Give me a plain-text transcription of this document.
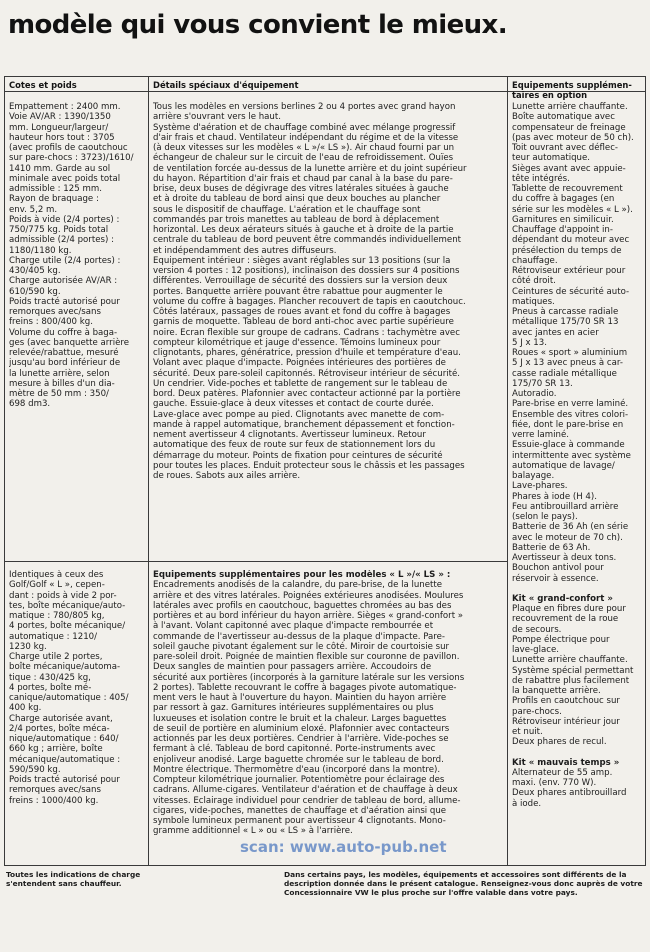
modèle qui vous convient le mieux.
Cotes et poids	Détails spéciaux d'équipement	Equipements supplémen-
taires en option
Empattement : 2400 mm.
Voie AV/AR : 1390/1350
mm. Longueur/largeur/
hauteur hors tout : 3705
(avec profils de caoutchouc
sur pare-chocs : 3723)/1610/
1410 mm. Garde au sol
minimale avec poids total
admissible : 125 mm.
Rayon de braquage :
env. 5,2 m.
Poids à vide (2/4 portes) :
750/775 kg. Poids total
admissible (2/4 portes) :
1180/1180 kg.
Charge utile (2/4 portes) :
430/405 kg.
Charge autorisée AV/AR :
610/590 kg.
Poids tracté autorisé pour
remorques avec/sans
freins : 800/400 kg.
Volume du coffre à baga-
ges (avec banquette arrière
relevée/rabattue, mesuré
jusqu'au bord inférieur de
la lunette arrière, selon
mesure à billes d'un dia-
mètre de 50 mm : 350/
698 dm3.
Identiques à ceux des
Golf/Golf « L », cepen-
dant : poids à vide 2 por-
tes, boîte mécanique/auto-
matique : 780/805 kg,
4 portes, boîte mécanique/
automatique : 1210/
1230 kg.
Charge utile 2 portes,
boîte mécanique/automa-
tique : 430/425 kg,
4 portes, boîte mé-
canique/automatique : 405/
400 kg.
Charge autorisée avant,
2/4 portes, boîte méca-
nique/automatique : 640/
660 kg ; arrière, boîte
mécanique/automatique :
590/590 kg.
Poids tracté autorisé pour
remorques avec/sans
freins : 1000/400 kg.
Tous les modèles en versions berlines 2 ou 4 portes avec grand hayon
arrière s'ouvrant vers le haut.
Système d'aération et de chauffage combiné avec mélange progressif
d'air frais et chaud. Ventilateur indépendant du régime et de la vitesse
(à deux vitesses sur les modèles « L »/« LS »). Air chaud fourni par un
échangeur de chaleur sur le circuit de l'eau de refroidissement. Ouïes
de ventilation forcée au-dessus de la lunette arrière et du joint supérieur
du hayon. Répartition d'air frais et chaud par canal à la base du pare-
brise, deux buses de dégivrage des vitres latérales situées à gauche
et à droite du tableau de bord ainsi que deux bouches au plancher
sous le dispositif de chauffage. L'aération et le chauffage sont
commandés par trois manettes au tableau de bord à déplacement
horizontal. Les deux aérateurs situés à gauche et à droite de la partie
centrale du tableau de bord peuvent être commandés individuellement
et indépendamment des autres diffuseurs.
Equipement intérieur : sièges avant réglables sur 13 positions (sur la
version 4 portes : 12 positions), inclinaison des dossiers sur 4 positions
différentes. Verrouillage de sécurité des dossiers sur la version deux
portes. Banquette arrière pouvant être rabattue pour augmenter le
volume du coffre à bagages. Plancher recouvert de tapis en caoutchouc.
Côtés latéraux, passages de roues avant et fond du coffre à bagages
garnis de moquette. Tableau de bord anti-choc avec partie supérieure
noire. Ecran flexible sur groupe de cadrans. Cadrans : tachymètre avec
compteur kilométrique et jauge d'essence. Témoins lumineux pour
clignotants, phares, génératrice, pression d'huile et température d'eau.
Volant avec plaque d'impacte. Poignées intérieures des portières de
sécurité. Deux pare-soleil capitonnés. Rétroviseur intérieur de sécurité.
Un cendrier. Vide-poches et tablette de rangement sur le tableau de
bord. Deux patères. Plafonnier avec contacteur actionné par la portière
gauche. Essuie-glace à deux vitesses et contact de courte durée.
Lave-glace avec pompe au pied. Clignotants avec manette de com-
mande à rappel automatique, branchement dépassement et fonction-
nement avertisseur 4 clignotants. Avertisseur lumineux. Retour
automatique des feux de route sur feux de stationnement lors du
démarrage du moteur. Points de fixation pour ceintures de sécurité
pour toutes les places. Enduit protecteur sous le châssis et les passages
de roues. Sabots aux ailes arrière.
Equipements supplémentaires pour les modèles « L »/« LS » :
Encadrements anodisés de la calandre, du pare-brise, de la lunette
arrière et des vitres latérales. Poignées extérieures anodisées. Moulures
latérales avec profils en caoutchouc, baguettes chromées au bas des
portières et au bord inférieur du hayon arrière. Sièges « grand-confort »
à l'avant. Volant capitonné avec plaque d'impacte rembourrée et
commande de l'avertisseur au-dessus de la plaque d'impacte. Pare-
soleil gauche pivotant également sur le côté. Miroir de courtoisie sur
pare-soleil droit. Poignée de maintien flexible sur couronne de pavillon.
Deux sangles de maintien pour passagers arrière. Accoudoirs de
sécurité aux portières (incorporés à la garniture latérale sur les versions
2 portes). Tablette recouvrant le coffre à bagages pivote automatique-
ment vers le haut à l'ouverture du hayon. Maintien du hayon arrière
par ressort à gaz. Garnitures intérieures supplémentaires ou plus
luxueuses et isolation contre le bruit et la chaleur. Larges baguettes
de seuil de portière en aluminium eloxé. Plafonnier avec contacteurs
actionnés par les deux portières. Cendrier à l'arrière. Vide-poches se
fermant à clé. Tableau de bord capitonné. Porte-instruments avec
enjoliveur anodisé. Large baguette chromée sur le tableau de bord.
Montre électrique. Thermomètre d'eau (incorporé dans la montre).
Compteur kilométrique journalier. Potentiomètre pour éclairage des
cadrans. Allume-cigares. Ventilateur d'aération et de chauffage à deux
vitesses. Eclairage individuel pour cendrier de tableau de bord, allume-
cigares, vide-poches, manettes de chauffage et d'aération ainsi que
symbole lumineux permanent pour avertisseur 4 clignotants. Mono-
gramme additionnel « L » ou « LS » à l'arrière.
Lunette arrière chauffante.
Boîte automatique avec
compensateur de freinage
(pas avec moteur de 50 ch).
Toit ouvrant avec déflec-
teur automatique.
Sièges avant avec appuie-
tête intégrés.
Tablette de recouvrement
du coffre à bagages (en
série sur les modèles « L »).
Garnitures en similicuir.
Chauffage d'appoint in-
dépendant du moteur avec
présélection du temps de
chauffage.
Rétroviseur extérieur pour
côté droit.
Ceintures de sécurité auto-
matiques.
Pneus à carcasse radiale
métallique 175/70 SR 13
avec jantes en acier
5 J x 13.
Roues « sport » aluminium
5 J x 13 avec pneus à car-
casse radiale métallique
175/70 SR 13.
Autoradio.
Pare-brise en verre laminé.
Ensemble des vitres colori-
fiée, dont le pare-brise en
verre laminé.
Essuie-glace à commande
intermittente avec système
automatique de lavage/
balayage.
Lave-phares.
Phares à iode (H 4).
Feu antibrouillard arrière
(selon le pays).
Batterie de 36 Ah (en série
avec le moteur de 70 ch).
Batterie de 63 Ah.
Avertisseur à deux tons.
Bouchon antivol pour
réservoir à essence.
Kit « grand-confort »
Plaque en fibres dure pour
recouvrement de la roue
de secours.
Pompe électrique pour
lave-glace.
Lunette arrière chauffante.
Système spécial permettant
de rabattre plus facilement
la banquette arrière.
Profils en caoutchouc sur
pare-chocs.
Rétroviseur intérieur jour
et nuit.
Deux phares de recul.
Kit « mauvais temps »
Alternateur de 55 amp.
maxi. (env. 770 W).
Deux phares antibrouillard
à iode.
Toutes les indications de charge
s'entendent sans chauffeur.
Dans certains pays, les modèles, équipements et accessoires sont différents de la
description donnée dans le présent catalogue. Renseignez-vous donc auprès de votre
Concessionnaire VW le plus proche sur l'offre valable dans votre pays.
scan: www.auto-pub.net
